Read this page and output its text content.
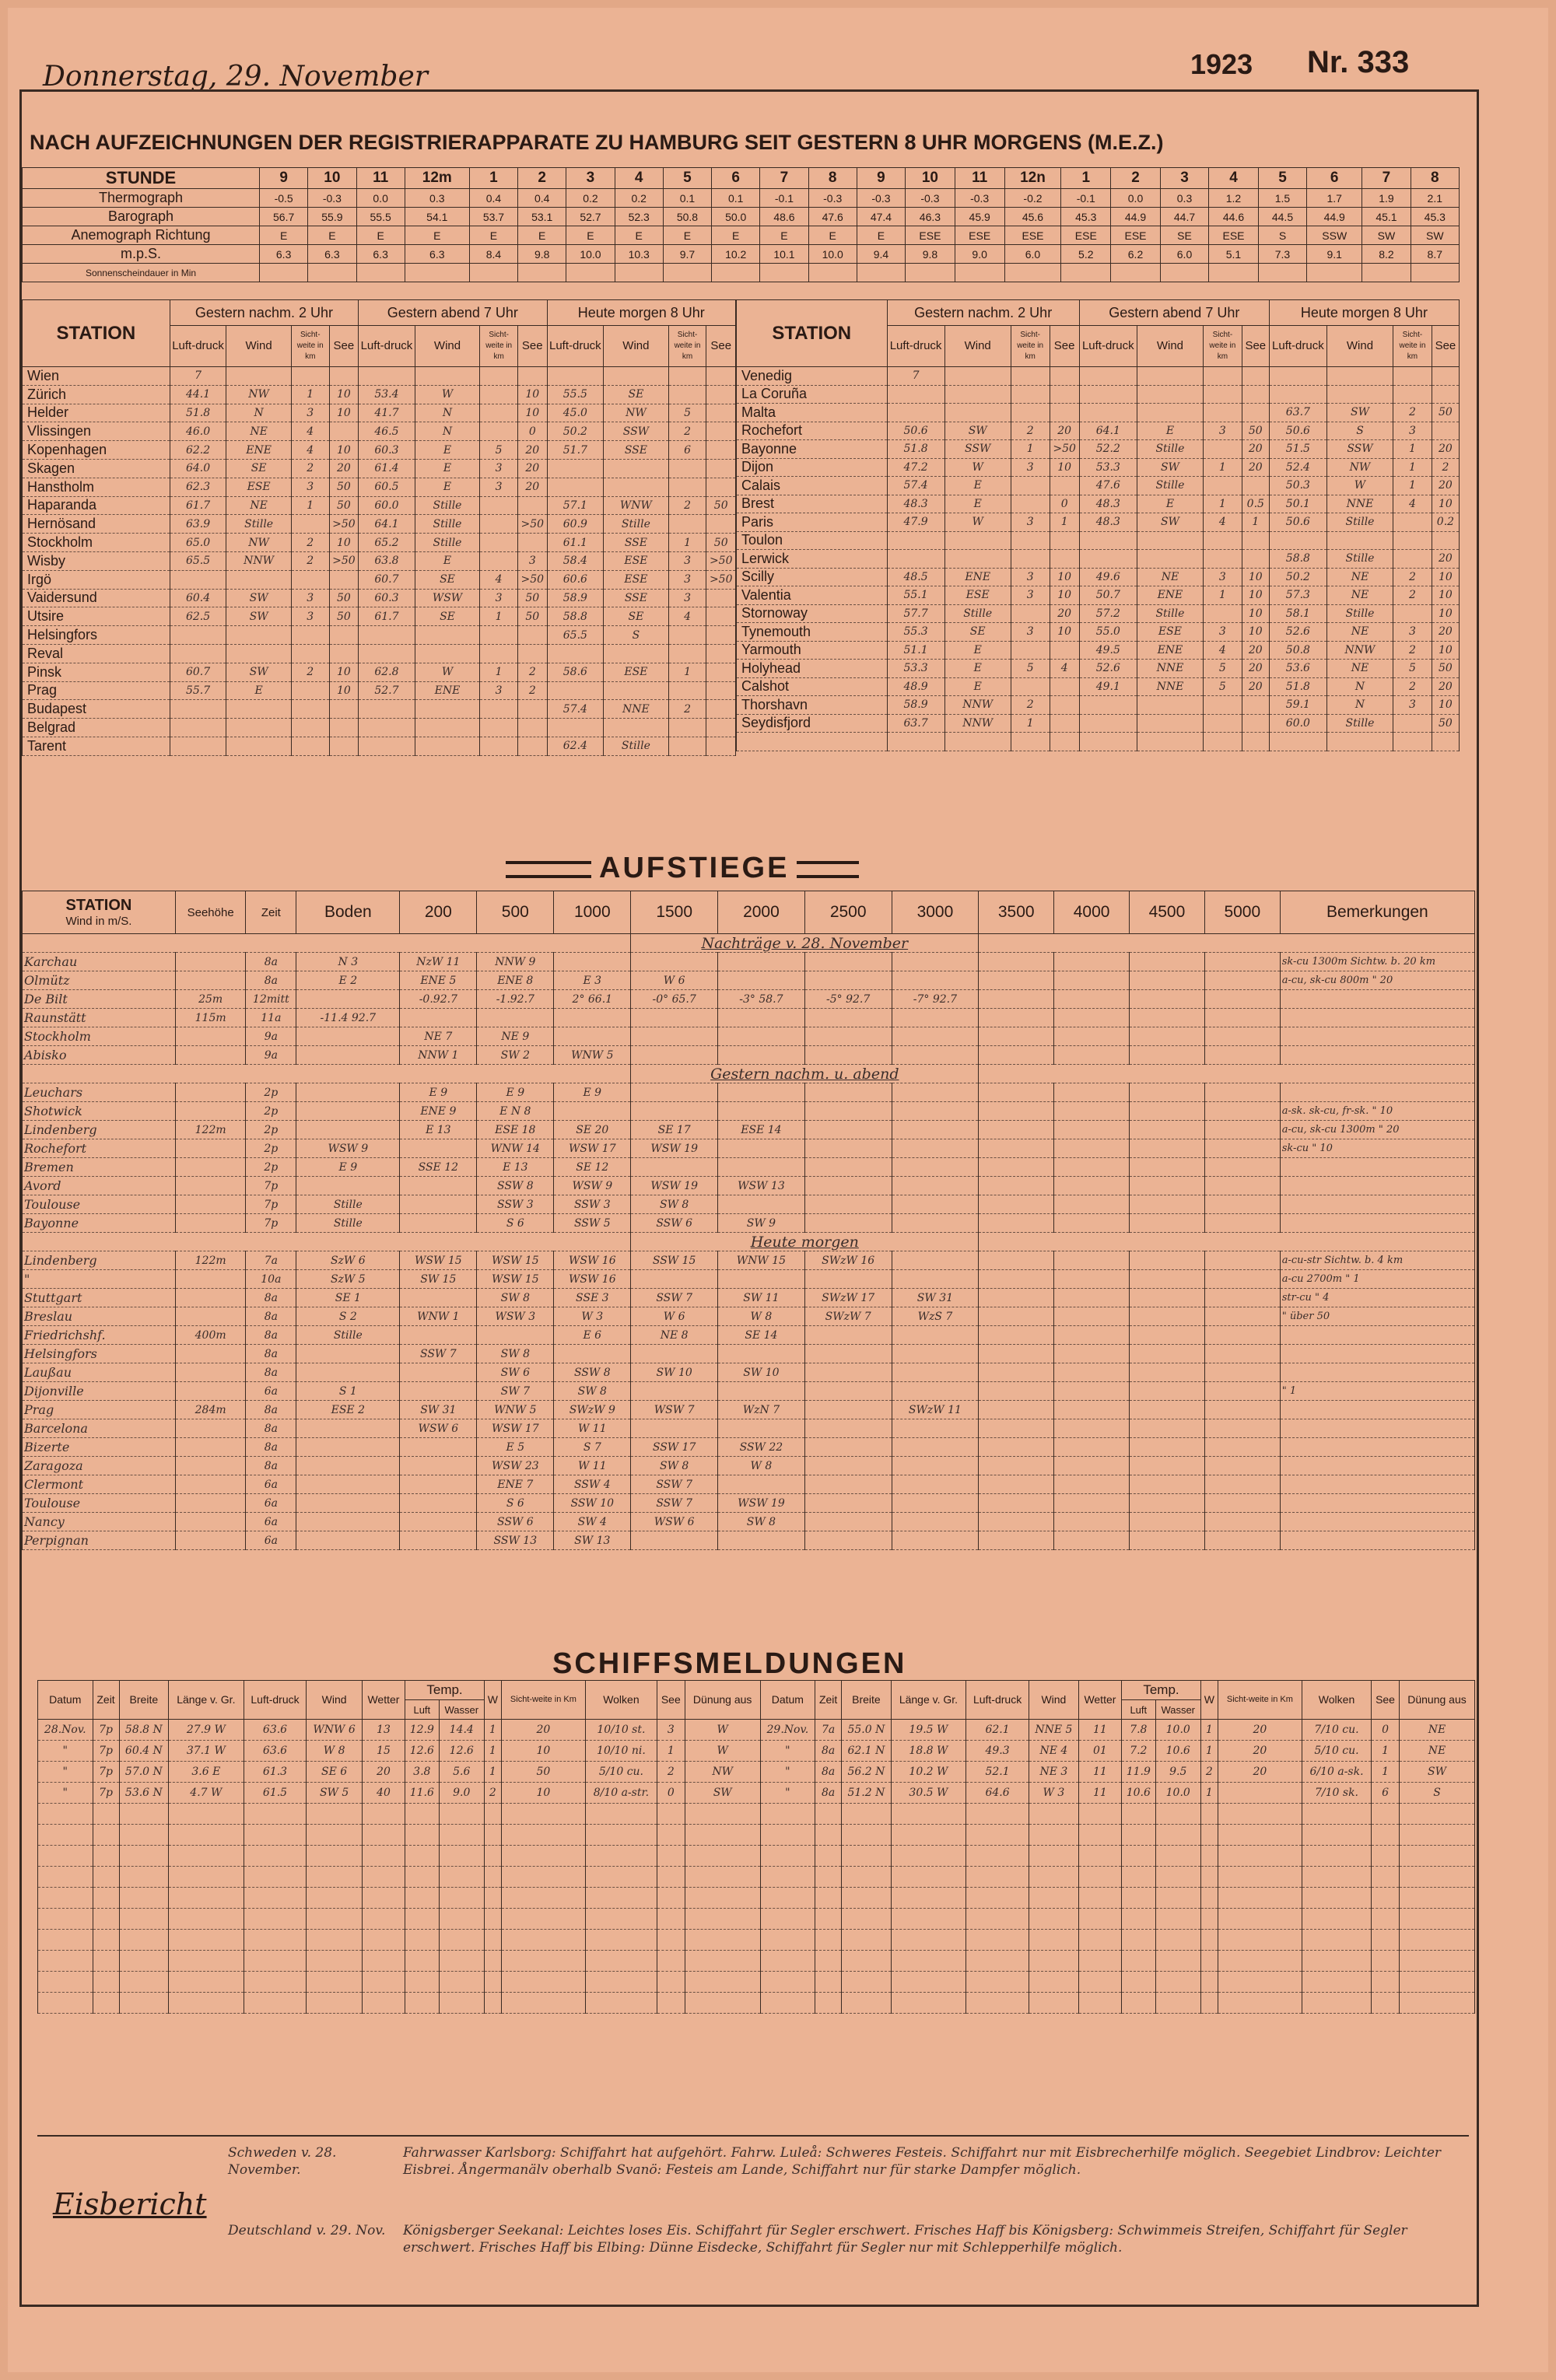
Donnerstag, 29. November	1923 Nr. 333
NACH AUFZEICHNUNGEN DER REGISTRIERAPPARATE ZU HAMBURG SEIT GESTERN 8 UHR MORGENS (M.E.Z.)
STUNDE	9	10	11	12m	1	2	3	4	5	6	7	8	9	10	11	12n	1	2	3	4	5	6	7	8
Thermograph	-0.5	-0.3	0.0	0.3	0.4	0.4	0.2	0.2	0.1	0.1	-0.1	-0.3	-0.3	-0.3	-0.3	-0.2	-0.1	0.0	0.3	1.2	1.5	1.7	1.9	2.1
Barograph	56.7	55.9	55.5	54.1	53.7	53.1	52.7	52.3	50.8	50.0	48.6	47.6	47.4	46.3	45.9	45.6	45.3	44.9	44.7	44.6	44.5	44.9	45.1	45.3
Anemograph Richtung	E	E	E	E	E	E	E	E	E	E	E	E	E	ESE	ESE	ESE	ESE	ESE	SE	ESE	S	SSW	SW	SW
m.p.S.	6.3	6.3	6.3	6.3	8.4	9.8	10.0	10.3	9.7	10.2	10.1	10.0	9.4	9.8	9.0	6.0	5.2	6.2	6.0	5.1	7.3	9.1	8.2	8.7
Sonnenscheindauer in Min																								
STATION	Gestern nachm. 2 Uhr				Gestern abend 7 Uhr				Heute morgen 8 Uhr			
	Luft-druck	Wind	Sicht-weite in km	See	Luft-druck	Wind	Sicht-weite in km	See	Luft-druck	Wind	Sicht-weite in km	See
Wien	7											
Zürich	44.1	NW	1	10	53.4	W		10	55.5	SE		
Helder	51.8	N	3	10	41.7	N		10	45.0	NW	5	
Vlissingen	46.0	NE	4		46.5	N		0	50.2	SSW	2	
Kopenhagen	62.2	ENE	4	10	60.3	E	5	20	51.7	SSE	6	
Skagen	64.0	SE	2	20	61.4	E	3	20				
Hanstholm	62.3	ESE	3	50	60.5	E	3	20				
Haparanda	61.7	NE	1	50	60.0	Stille			57.1	WNW	2	50
Hernösand	63.9	Stille		>50	64.1	Stille		>50	60.9	Stille		
Stockholm	65.0	NW	2	10	65.2	Stille			61.1	SSE	1	50
Wisby	65.5	NNW	2	>50	63.8	E		3	58.4	ESE	3	>50
Irgö					60.7	SE	4	>50	60.6	ESE	3	>50
Vaidersund	60.4	SW	3	50	60.3	WSW	3	50	58.9	SSE	3	
Utsire	62.5	SW	3	50	61.7	SE	1	50	58.8	SE	4	
Helsingfors									65.5	S		
Reval												
Pinsk	60.7	SW	2	10	62.8	W	1	2	58.6	ESE	1	
Prag	55.7	E		10	52.7	ENE	3	2				
Budapest									57.4	NNE	2	
Belgrad												
Tarent									62.4	Stille		
STATION	Gestern nachm. 2 Uhr				Gestern abend 7 Uhr				Heute morgen 8 Uhr			
	Luft-druck	Wind	Sicht-weite in km	See	Luft-druck	Wind	Sicht-weite in km	See	Luft-druck	Wind	Sicht-weite in km	See
Venedig	7											
La Coruña												
Malta									63.7	SW	2	50
Rochefort	50.6	SW	2	20	64.1	E	3	50	50.6	S	3	
Bayonne	51.8	SSW	1	>50	52.2	Stille		20	51.5	SSW	1	20
Dijon	47.2	W	3	10	53.3	SW	1	20	52.4	NW	1	2
Calais	57.4	E			47.6	Stille			50.3	W	1	20
Brest	48.3	E		0	48.3	E	1	0.5	50.1	NNE	4	10
Paris	47.9	W	3	1	48.3	SW	4	1	50.6	Stille		0.2
Toulon												
Lerwick									58.8	Stille		20
Scilly	48.5	ENE	3	10	49.6	NE	3	10	50.2	NE	2	10
Valentia	55.1	ESE	3	10	50.7	ENE	1	10	57.3	NE	2	10
Stornoway	57.7	Stille		20	57.2	Stille		10	58.1	Stille		10
Tynemouth	55.3	SE	3	10	55.0	ESE	3	10	52.6	NE	3	20
Yarmouth	51.1	E			49.5	ENE	4	20	50.8	NNW	2	10
Holyhead	53.3	E	5	4	52.6	NNE	5	20	53.6	NE	5	50
Calshot	48.9	E			49.1	NNE	5	20	51.8	N	2	20
Thorshavn	58.9	NNW	2						59.1	N	3	10
Seydisfjord	63.7	NNW	1						60.0	Stille		50

AUFSTIEGE
STATION
Wind in m/S.	Seehöhe	Zeit	Boden	200	500	1000	1500	2000	2500	3000	3500	4000	4500	5000	Bemerkungen
							Nachträge v. 28. November								
Karchau		8a	N 3	NzW 11	NNW 9										sk-cu 1300m Sichtw. b. 20 km
Olmütz		8a	E 2	ENE 5	ENE 8	E 3	W 6								a-cu, sk-cu 800m " 20
De Bilt	25m	12mitt		-0.92.7	-1.92.7	2° 66.1	-0° 65.7	-3° 58.7	-5° 92.7	-7° 92.7					
Raunstätt	115m	11a	-11.4 92.7												
Stockholm		9a		NE 7	NE 9										
Abisko		9a		NNW 1	SW 2	WNW 5									
							Gestern nachm. u. abend								
Leuchars		2p		E 9	E 9	E 9									
Shotwick		2p		ENE 9	E N 8										a-sk. sk-cu, fr-sk. " 10
Lindenberg	122m	2p		E 13	ESE 18	SE 20	SE 17	ESE 14							a-cu, sk-cu 1300m " 20
Rochefort		2p	WSW 9		WNW 14	WSW 17	WSW 19								sk-cu " 10
Bremen		2p	E 9	SSE 12	E 13	SE 12									
Avord		7p			SSW 8	WSW 9	WSW 19	WSW 13							
Toulouse		7p	Stille		SSW 3	SSW 3	SW 8								
Bayonne		7p	Stille		S 6	SSW 5	SSW 6	SW 9							
							Heute morgen								
Lindenberg	122m	7a	SzW 6	WSW 15	WSW 15	WSW 16	SSW 15	WNW 15	SWzW 16						a-cu-str Sichtw. b. 4 km
"		10a	SzW 5	SW 15	WSW 15	WSW 16									a-cu 2700m " 1
Stuttgart		8a	SE 1		SW 8	SSE 3	SSW 7	SW 11	SWzW 17	SW 31					str-cu " 4
Breslau		8a	S 2	WNW 1	WSW 3	W 3	W 6	W 8	SWzW 7	WzS 7					" über 50
Friedrichshf.	400m	8a	Stille			E 6	NE 8	SE 14							
Helsingfors		8a		SSW 7	SW 8										
Laußau		8a			SW 6	SSW 8	SW 10	SW 10							
Dijonville		6a	S 1		SW 7	SW 8									" 1
Prag	284m	8a	ESE 2	SW 31	WNW 5	SWzW 9	WSW 7	WzN 7		SWzW 11					
Barcelona		8a		WSW 6	WSW 17	W 11									
Bizerte		8a			E 5	S 7	SSW 17	SSW 22							
Zaragoza		8a			WSW 23	W 11	SW 8	W 8							
Clermont		6a			ENE 7	SSW 4	SSW 7								
Toulouse		6a			S 6	SSW 10	SSW 7	WSW 19							
Nancy		6a			SSW 6	SW 4	WSW 6	SW 8							
Perpignan		6a			SSW 13	SW 13									
SCHIFFSMELDUNGEN
Datum	Zeit	Breite	Länge v. Gr.	Luft-druck	Wind	Wetter	Temp.		W	Sicht-weite in Km	Wolken	See	Dünung aus	Datum	Zeit	Breite	Länge v. Gr.	Luft-druck	Wind	Wetter	Temp.		W	Sicht-weite in Km	Wolken	See	Dünung aus
							Luft	Wasser													Luft	Wasser					
28.Nov.	7p	58.8 N	27.9 W	63.6	WNW 6	13	12.9	14.4	1	20	10/10 st.	3	W	29.Nov.	7a	55.0 N	19.5 W	62.1	NNE 5	11	7.8	10.0	1	20	7/10 cu.	0	NE
"	7p	60.4 N	37.1 W	63.6	W 8	15	12.6	12.6	1	10	10/10 ni.	1	W	"	8a	62.1 N	18.8 W	49.3	NE 4	01	7.2	10.6	1	20	5/10 cu.	1	NE
"	7p	57.0 N	3.6 E	61.3	SE 6	20	3.8	5.6	1	50	5/10 cu.	2	NW	"	8a	56.2 N	10.2 W	52.1	NE 3	11	11.9	9.5	2	20	6/10 a-sk.	1	SW
"	7p	53.6 N	4.7 W	61.5	SW 5	40	11.6	9.0	2	10	8/10 a-str.	0	SW	"	8a	51.2 N	30.5 W	64.6	W 3	11	10.6	10.0	1		7/10 sk.	6	S

Eisbericht
Schweden v. 28. November.
Fahrwasser Karlsborg: Schiffahrt hat aufgehört. Fahrw. Luleå: Schweres Festeis. Schiffahrt nur mit Eisbrecherhilfe möglich. Seegebiet Lindbrov: Leichter Eisbrei. Ångermanälv oberhalb Svanö: Festeis am Lande, Schiffahrt nur für starke Dampfer möglich.
Deutschland v. 29. Nov.	Königsberger Seekanal: Leichtes loses Eis. Schiffahrt für Segler erschwert. Frisches Haff bis Königsberg: Schwimmeis Streifen, Schiffahrt für Segler erschwert. Frisches Haff bis Elbing: Dünne Eisdecke, Schiffahrt für Segler nur mit Schlepperhilfe möglich.
